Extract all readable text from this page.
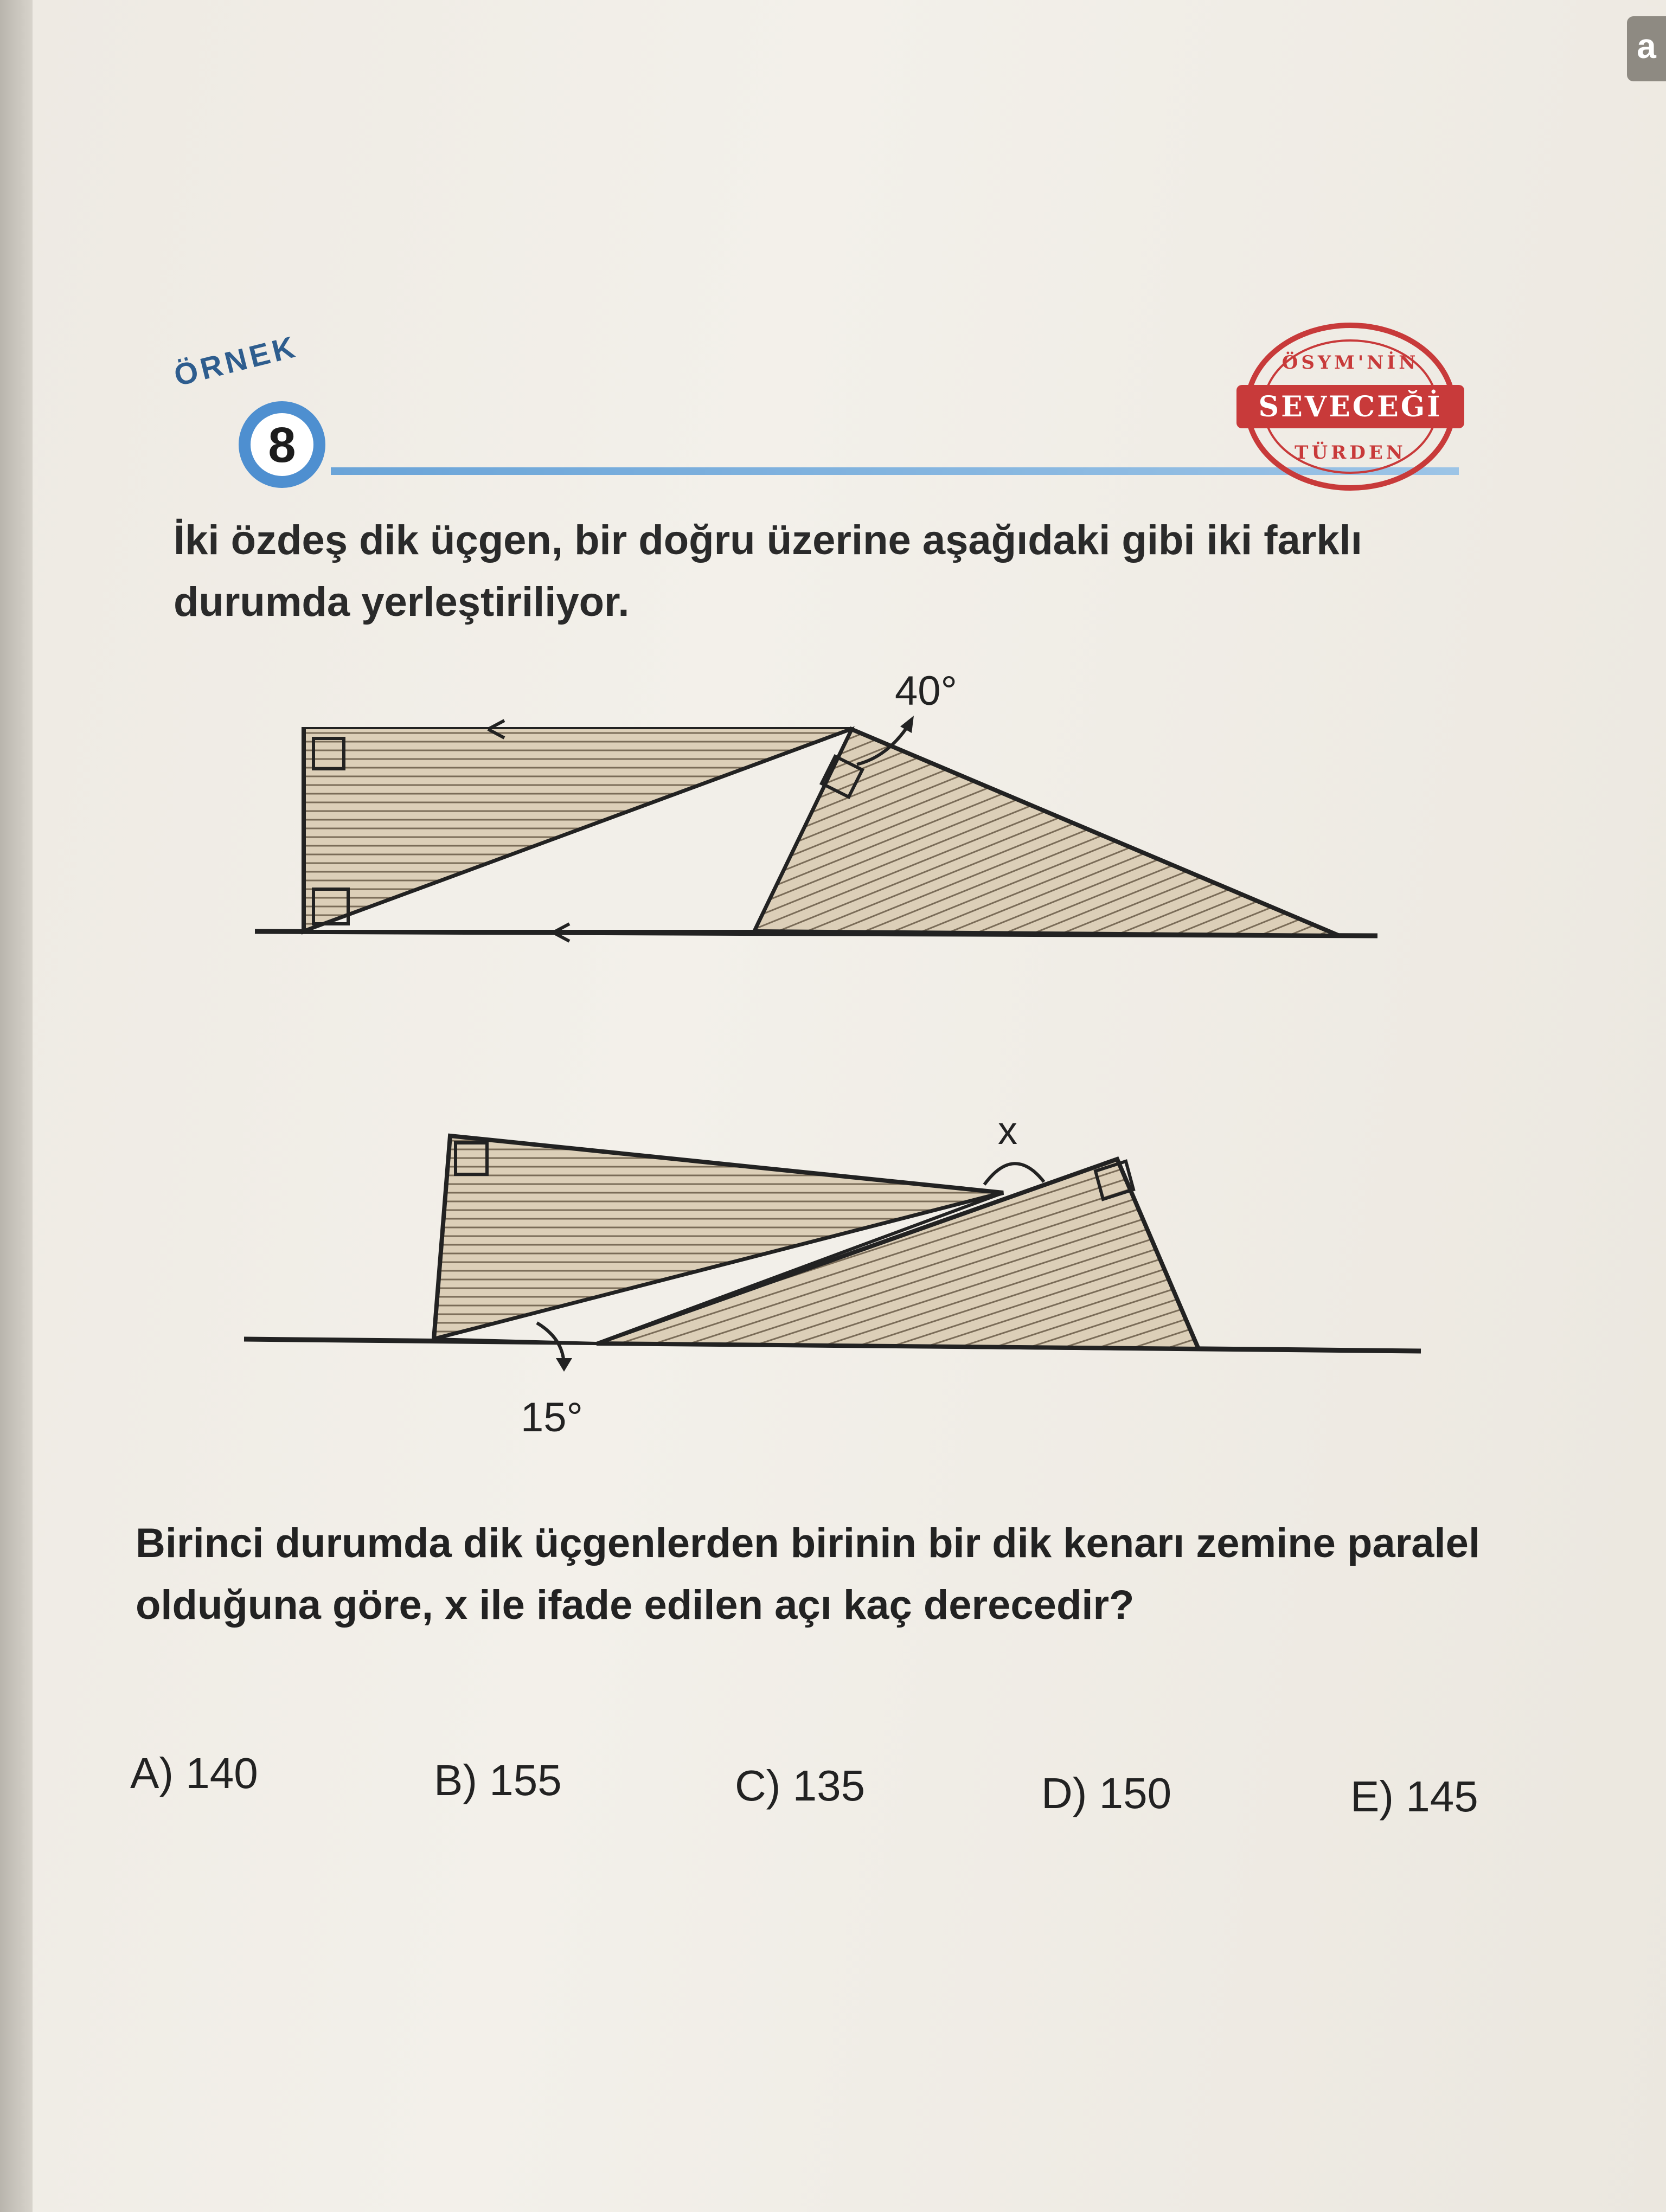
a
ÖRNEK
8
SEVECEĞİ
ÖSYM'NİN
TÜRDEN
İki özdeş dik üçgen, bir doğru üzerine aşağıdaki gibi iki farklı durumda yerleştiriliyor.
40°
x
15°
Birinci durumda dik üçgenlerden birinin bir dik kenarı zemine paralel olduğuna göre, x ile ifade edilen açı kaç derecedir?
A) 140	B) 155	C) 135	D) 150	E) 145
